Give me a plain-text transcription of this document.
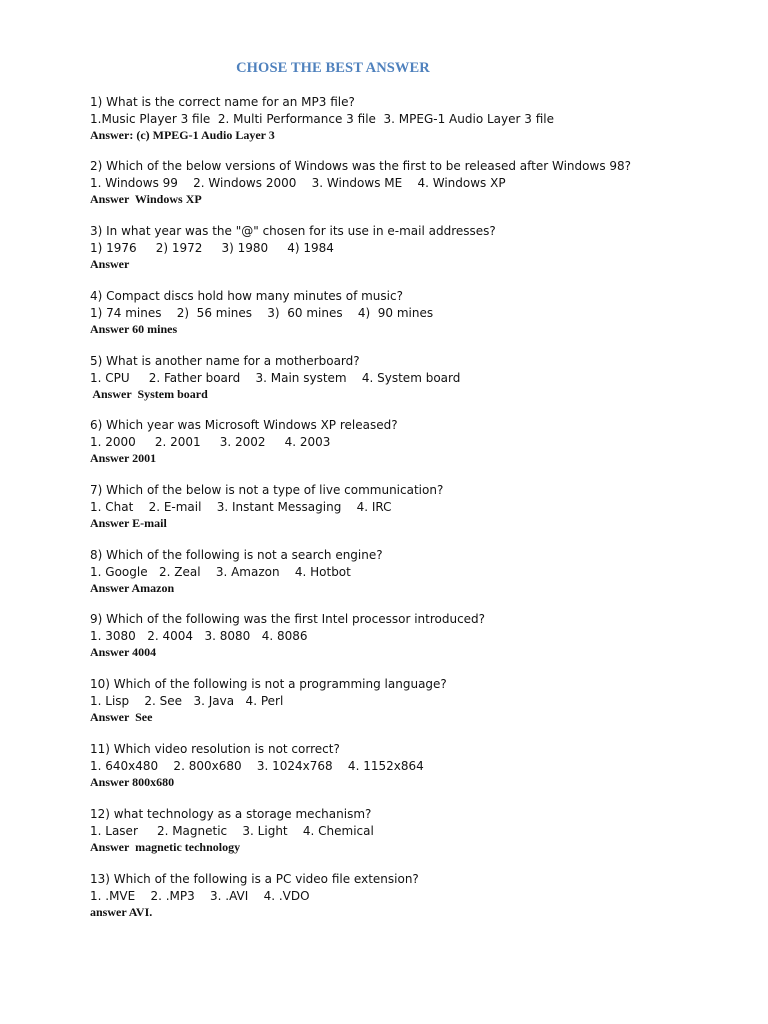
CHOSE THE BEST ANSWER
1) What is the correct name for an MP3 file?
1.Music Player 3 file  2. Multi Performance 3 file  3. MPEG-1 Audio Layer 3 file
Answer: (c) MPEG-1 Audio Layer 3
2) Which of the below versions of Windows was the first to be released after Windows 98?
1. Windows 99    2. Windows 2000    3. Windows ME    4. Windows XP
Answer  Windows XP
3) In what year was the "@" chosen for its use in e-mail addresses?
1) 1976     2) 1972     3) 1980     4) 1984
Answer
4) Compact discs hold how many minutes of music?
1) 74 mines    2)  56 mines    3)  60 mines    4)  90 mines
Answer 60 mines
5) What is another name for a motherboard?
1. CPU     2. Father board    3. Main system    4. System board
Answer  System board
6) Which year was Microsoft Windows XP released?
1. 2000     2. 2001     3. 2002     4. 2003
Answer 2001
7) Which of the below is not a type of live communication?
1. Chat    2. E-mail    3. Instant Messaging    4. IRC
Answer E-mail
8) Which of the following is not a search engine?
1. Google   2. Zeal    3. Amazon    4. Hotbot
Answer Amazon
9) Which of the following was the first Intel processor introduced?
1. 3080   2. 4004   3. 8080   4. 8086
Answer 4004
10) Which of the following is not a programming language?
1. Lisp    2. See   3. Java   4. Perl
Answer  See
11) Which video resolution is not correct?
1. 640x480    2. 800x680    3. 1024x768    4. 1152x864
Answer 800x680
12) what technology as a storage mechanism?
1. Laser     2. Magnetic    3. Light    4. Chemical
Answer  magnetic technology
13) Which of the following is a PC video file extension?
1. .MVE    2. .MP3    3. .AVI    4. .VDO
answer AVI.
